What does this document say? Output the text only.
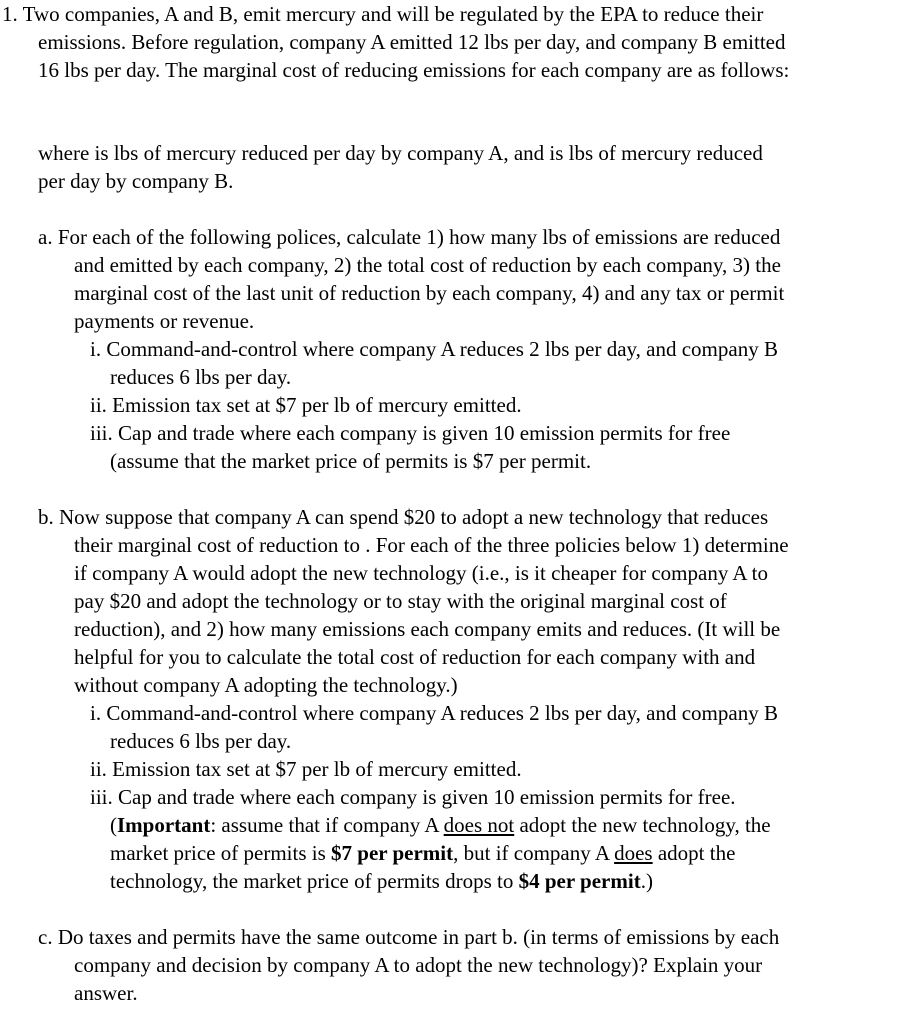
1. Two companies, A and B, emit mercury and will be regulated by the EPA to reduce their
emissions. Before regulation, company A emitted 12 lbs per day, and company B emitted
16 lbs per day. The marginal cost of reducing emissions for each company are as follows:
where is lbs of mercury reduced per day by company A, and is lbs of mercury reduced
per day by company B.
a. For each of the following polices, calculate 1) how many lbs of emissions are reduced
and emitted by each company, 2) the total cost of reduction by each company, 3) the
marginal cost of the last unit of reduction by each company, 4) and any tax or permit
payments or revenue.
i. Command-and-control where company A reduces 2 lbs per day, and company B
reduces 6 lbs per day.
ii. Emission tax set at $7 per lb of mercury emitted.
iii. Cap and trade where each company is given 10 emission permits for free
(assume that the market price of permits is $7 per permit.
b. Now suppose that company A can spend $20 to adopt a new technology that reduces
their marginal cost of reduction to . For each of the three policies below 1) determine
if company A would adopt the new technology (i.e., is it cheaper for company A to
pay $20 and adopt the technology or to stay with the original marginal cost of
reduction), and 2) how many emissions each company emits and reduces. (It will be
helpful for you to calculate the total cost of reduction for each company with and
without company A adopting the technology.)
i. Command-and-control where company A reduces 2 lbs per day, and company B
reduces 6 lbs per day.
ii. Emission tax set at $7 per lb of mercury emitted.
iii. Cap and trade where each company is given 10 emission permits for free.
(Important: assume that if company A does not adopt the new technology, the
market price of permits is $7 per permit, but if company A does adopt the
technology, the market price of permits drops to $4 per permit.)
c. Do taxes and permits have the same outcome in part b. (in terms of emissions by each
company and decision by company A to adopt the new technology)? Explain your
answer.
